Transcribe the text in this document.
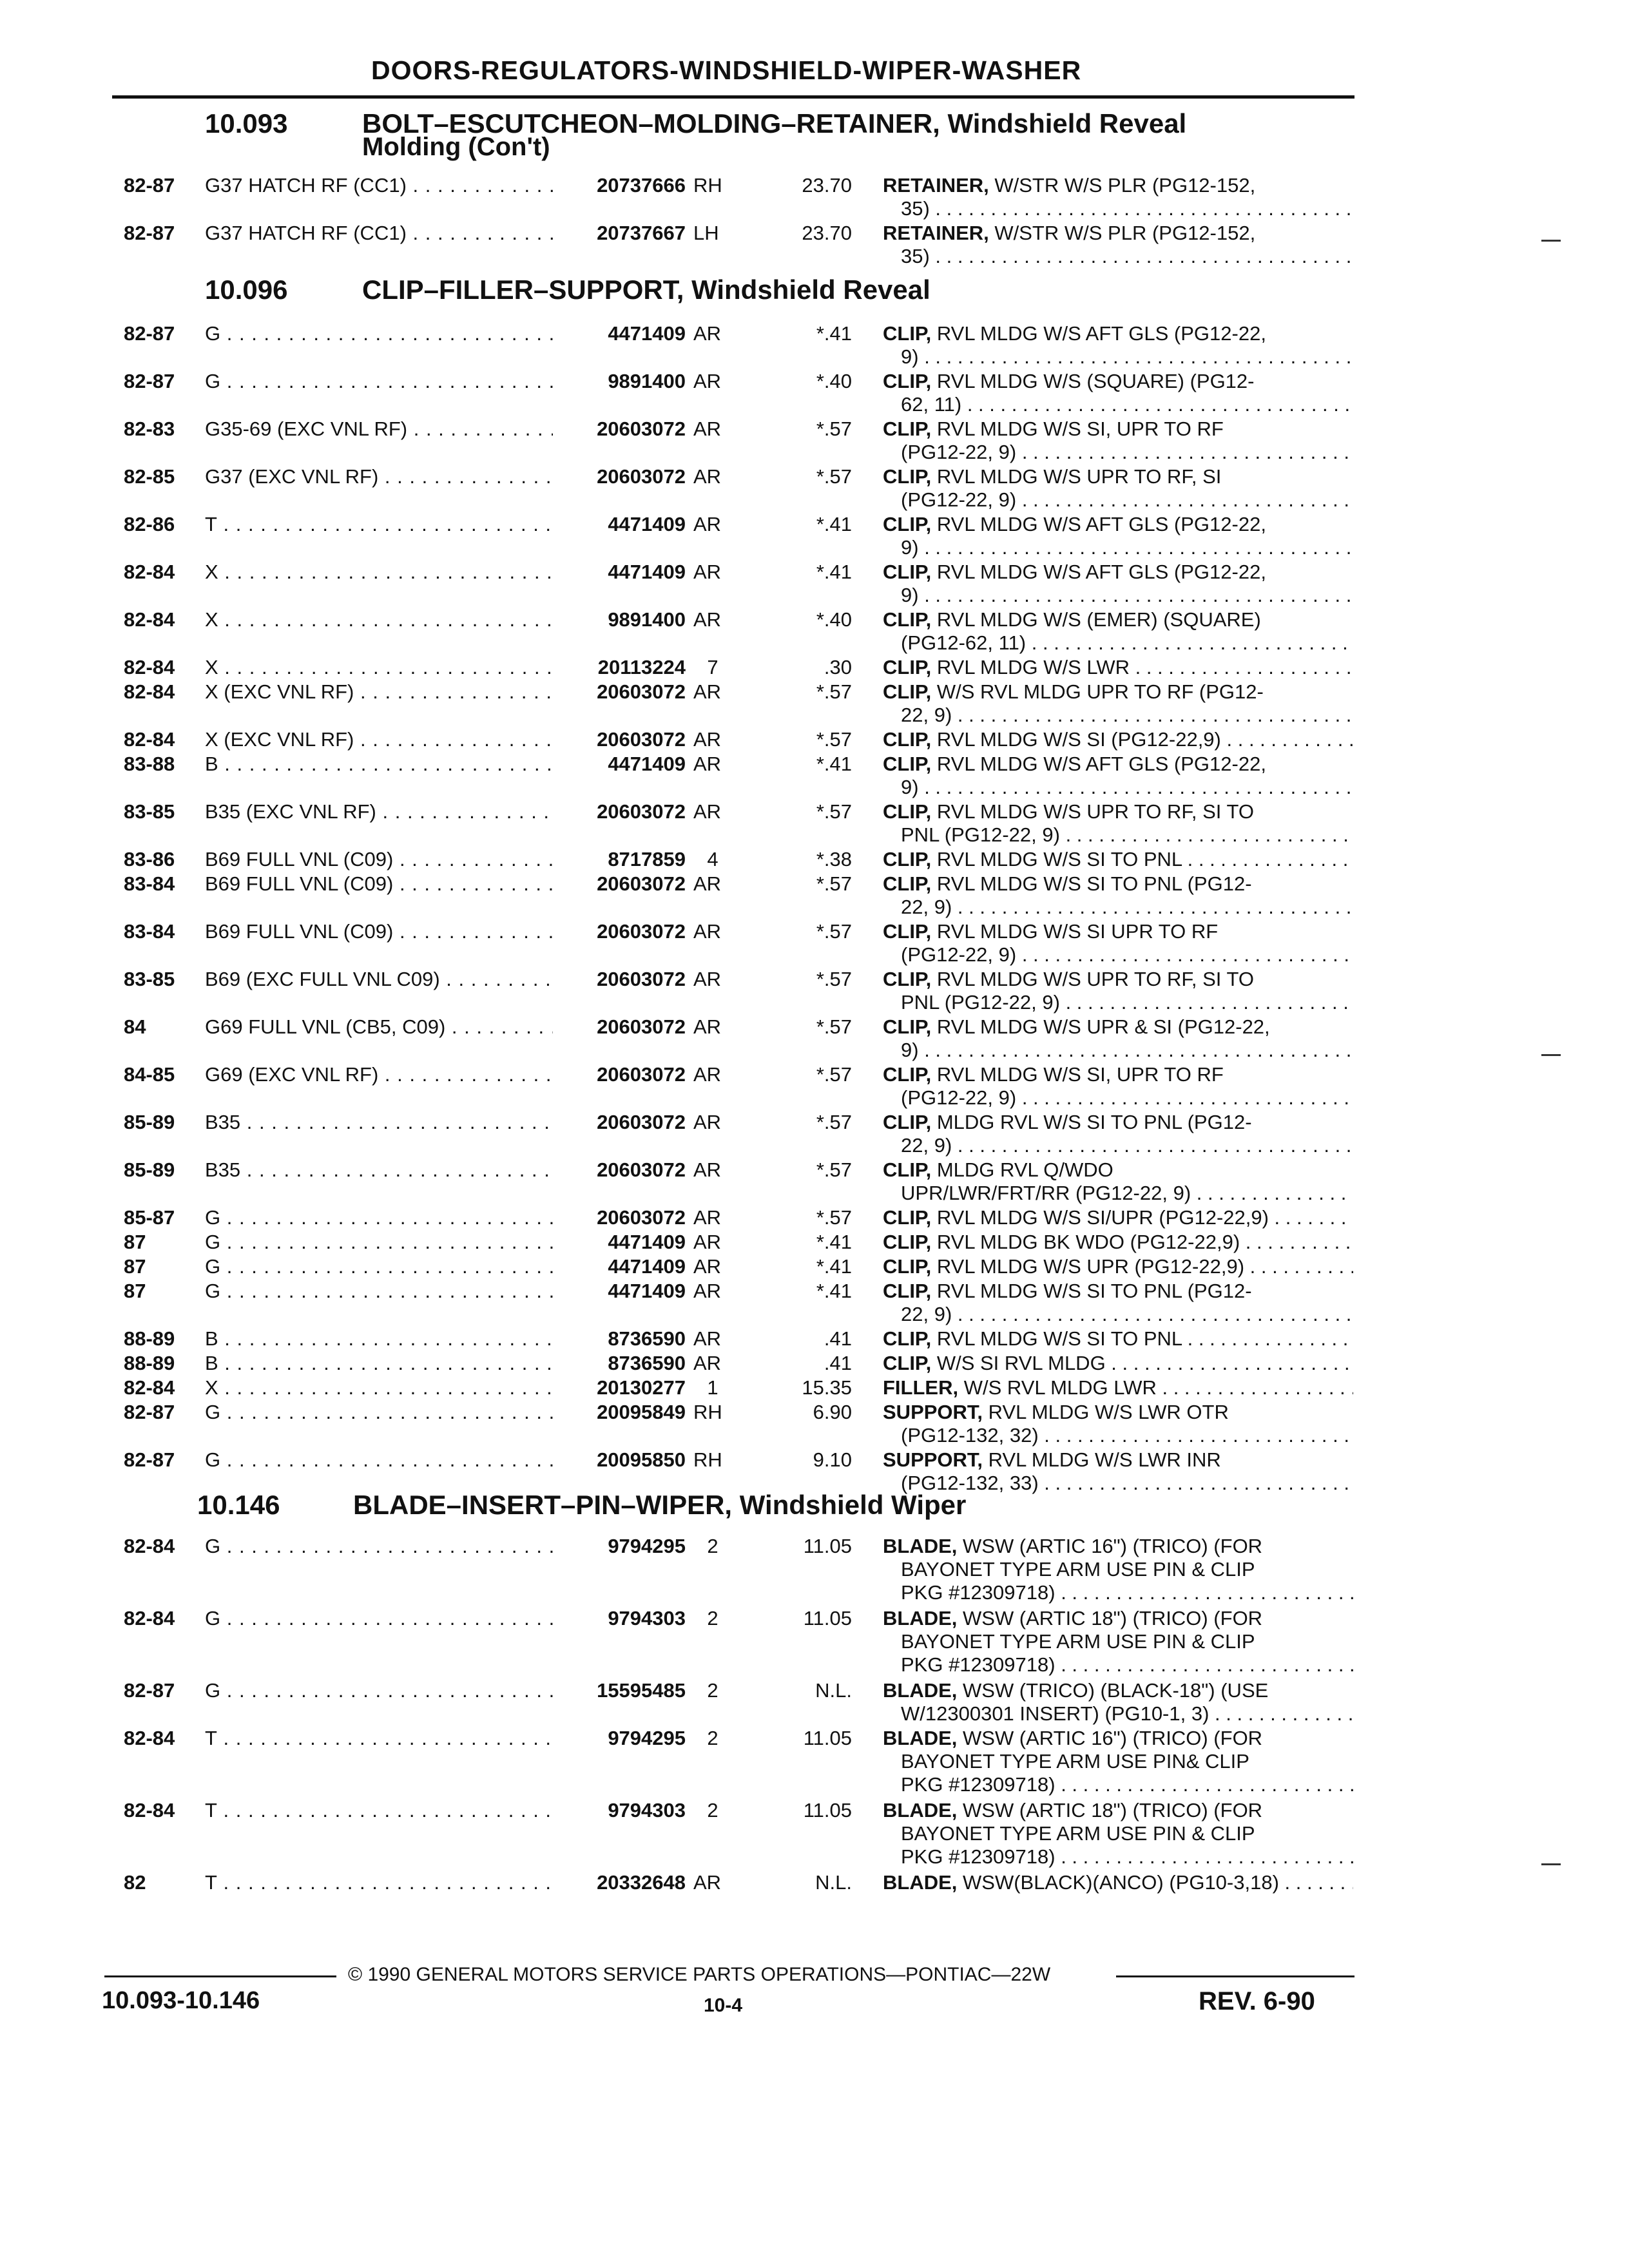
DOORS-REGULATORS-WINDSHIELD-WIPER-WASHER
10.093	BOLT–ESCUTCHEON–MOLDING–RETAINER, Windshield Reveal
Molding (Con't)
82-87 G37 HATCH RF (CC1) . . .	20737666 RH	23.70 RETAINER, W/STR W/S PLR (PG12-152,
35) . . .
82-87 G37 HATCH RF (CC1) . . .	20737667 LH	23.70 RETAINER, W/STR W/S PLR (PG12-152,
35) . . .
10.096	CLIP–FILLER–SUPPORT, Windshield Reveal
82-87 G . . .	4471409 AR	*.41 CLIP, RVL MLDG W/S AFT GLS (PG12-22,
9) . . .
82-87 G . . .	9891400 AR	*.40 CLIP, RVL MLDG W/S (SQUARE) (PG12-
62, 11) . . .
82-83 G35-69 (EXC VNL RF) . . .	20603072 AR	*.57 CLIP, RVL MLDG W/S SI, UPR TO RF
(PG12-22, 9) . . .
82-85 G37 (EXC VNL RF) . . .	20603072 AR	*.57 CLIP, RVL MLDG W/S UPR TO RF, SI
(PG12-22, 9) . . .
82-86 T . . .	4471409 AR	*.41 CLIP, RVL MLDG W/S AFT GLS (PG12-22,
9) . . .
82-84 X . . .	4471409 AR	*.41 CLIP, RVL MLDG W/S AFT GLS (PG12-22,
9) . . .
82-84 X . . .	9891400 AR	*.40 CLIP, RVL MLDG W/S (EMER) (SQUARE)
(PG12-62, 11) . . .
82-84 X . . .	20113224	7	.30 CLIP, RVL MLDG W/S LWR . . .
82-84 X (EXC VNL RF) . . .	20603072 AR	*.57 CLIP, W/S RVL MLDG UPR TO RF (PG12-
22, 9) . . .
82-84 X (EXC VNL RF) . . .	20603072 AR	*.57 CLIP, RVL MLDG W/S SI (PG12-22,9) . . .
83-88 B . . .	4471409 AR	*.41 CLIP, RVL MLDG W/S AFT GLS (PG12-22,
9) . . .
83-85 B35 (EXC VNL RF) . . .	20603072 AR	*.57 CLIP, RVL MLDG W/S UPR TO RF, SI TO
PNL (PG12-22, 9) . . .
83-86 B69 FULL VNL (C09) . . .	8717859	4	*.38 CLIP, RVL MLDG W/S SI TO PNL . . .
83-84 B69 FULL VNL (C09) . . .	20603072 AR	*.57 CLIP, RVL MLDG W/S SI TO PNL (PG12-
22, 9) . . .
83-84 B69 FULL VNL (C09) . . .	20603072 AR	*.57 CLIP, RVL MLDG W/S SI UPR TO RF
(PG12-22, 9) . . .
83-85 B69 (EXC FULL VNL C09) . . .	20603072 AR	*.57 CLIP, RVL MLDG W/S UPR TO RF, SI TO
PNL (PG12-22, 9) . . .
84	G69 FULL VNL (CB5, C09) . . .	20603072 AR	*.57 CLIP, RVL MLDG W/S UPR & SI (PG12-22,
9) . . .
84-85 G69 (EXC VNL RF) . . .	20603072 AR	*.57 CLIP, RVL MLDG W/S SI, UPR TO RF
(PG12-22, 9) . . .
85-89 B35 . . .	20603072 AR	*.57 CLIP, MLDG RVL W/S SI TO PNL (PG12-
22, 9) . . .
85-89 B35 . . .	20603072 AR	*.57 CLIP, MLDG RVL Q/WDO
UPR/LWR/FRT/RR (PG12-22, 9) . . .
85-87 G . . .	20603072 AR	*.57 CLIP, RVL MLDG W/S SI/UPR (PG12-22,9) . . .
87	G . . .	4471409 AR	*.41 CLIP, RVL MLDG BK WDO (PG12-22,9) . . .
87	G . . .	4471409 AR	*.41 CLIP, RVL MLDG W/S UPR (PG12-22,9) . . .
87	G . . .	4471409 AR	*.41 CLIP, RVL MLDG W/S SI TO PNL (PG12-
22, 9) . . .
88-89 B . . .	8736590 AR	.41 CLIP, RVL MLDG W/S SI TO PNL . . .
88-89 B . . .	8736590 AR	.41 CLIP, W/S SI RVL MLDG . . .
82-84 X . . .	20130277	1	15.35 FILLER, W/S RVL MLDG LWR . . .
82-87 G . . .	20095849 RH	6.90 SUPPORT, RVL MLDG W/S LWR OTR
(PG12-132, 32) . . .
82-87 G . . .	20095850 RH	9.10 SUPPORT, RVL MLDG W/S LWR INR
(PG12-132, 33) . . .
10.146	BLADE–INSERT–PIN–WIPER, Windshield Wiper
82-84 G . . .	9794295	2	11.05 BLADE, WSW (ARTIC 16") (TRICO) (FOR
BAYONET TYPE ARM USE PIN & CLIP
PKG #12309718) . . .
82-84 G . . .	9794303	2	11.05 BLADE, WSW (ARTIC 18") (TRICO) (FOR
BAYONET TYPE ARM USE PIN & CLIP
PKG #12309718) . . .
82-87 G . . .	15595485	2	N.L. BLADE, WSW (TRICO) (BLACK-18") (USE
W/12300301 INSERT) (PG10-1, 3) . . .
82-84 T . . .	9794295	2	11.05 BLADE, WSW (ARTIC 16") (TRICO) (FOR
BAYONET TYPE ARM USE PIN& CLIP
PKG #12309718) . . .
82-84 T . . .	9794303	2	11.05 BLADE, WSW (ARTIC 18") (TRICO) (FOR
BAYONET TYPE ARM USE PIN & CLIP
PKG #12309718) . . .
82	T . . .	20332648 AR	N.L. BLADE, WSW(BLACK)(ANCO) (PG10-3,18) . . .
© 1990 GENERAL MOTORS SERVICE PARTS OPERATIONS—PONTIAC—22W
10.093-10.146	10-4	REV. 6-90
